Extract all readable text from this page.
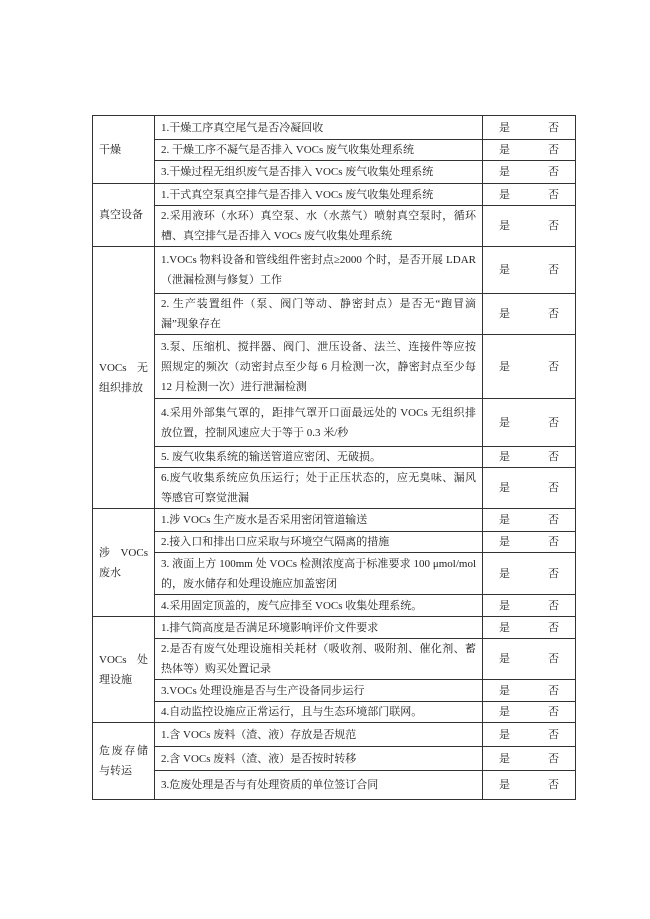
干燥	1.干燥工序真空尾气是否冷凝回收	是 否

	2. 干燥工序不凝气是否排入 VOCs 废气收集处理系统	是 否

	3.干燥过程无组织废气是否排入 VOCs 废气收集处理系统	是 否

真空设备	1.干式真空泵真空排气是否排入 VOCs 废气收集处理系统	是 否

	2.采用液环（水环）真空泵、水（水蒸气）喷射真空泵时，循环槽、真空排气是否排入 VOCs 废气收集处理系统	是 否

VOCs 无组织排放	1.VOCs 物料设备和管线组件密封点≥2000 个时，是否开展 LDAR（泄漏检测与修复）工作	是 否

	2. 生产装置组件（泵、阀门等动、静密封点）是否无“跑冒滴漏”现象存在	是 否

	3.泵、压缩机、搅拌器、阀门、泄压设备、法兰、连接件等应按照规定的频次（动密封点至少每 6 月检测一次，静密封点至少每 12 月检测一次）进行泄漏检测	是 否

	4.采用外部集气罩的，距排气罩开口面最远处的 VOCs 无组织排放位置，控制风速应大于等于 0.3 米/秒	是 否

	5. 废气收集系统的输送管道应密闭、无破损。	是 否

	6.废气收集系统应负压运行；处于正压状态的，应无臭味、漏风等感官可察觉泄漏	是 否

涉 VOCs 废水	1.涉 VOCs 生产废水是否采用密闭管道输送	是 否

	2.接入口和排出口应采取与环境空气隔离的措施	是 否

	3. 液面上方 100mm 处 VOCs 检测浓度高于标准要求 100 μmol/mol 的，废水储存和处理设施应加盖密闭	是 否

	4.采用固定顶盖的，废气应排至 VOCs 收集处理系统。	是 否

VOCs 处理设施	1.排气筒高度是否满足环境影响评价文件要求	是 否

	2.是否有废气处理设施相关耗材（吸收剂、吸附剂、催化剂、蓄热体等）购买处置记录	是 否

	3.VOCs 处理设施是否与生产设备同步运行	是 否

	4.自动监控设施应正常运行，且与生态环境部门联网。	是 否

危废存储与转运	1.含 VOCs 废料（渣、液）存放是否规范	是 否

	2.含 VOCs 废料（渣、液）是否按时转移	是 否

	3.危废处理是否与有处理资质的单位签订合同	是 否
